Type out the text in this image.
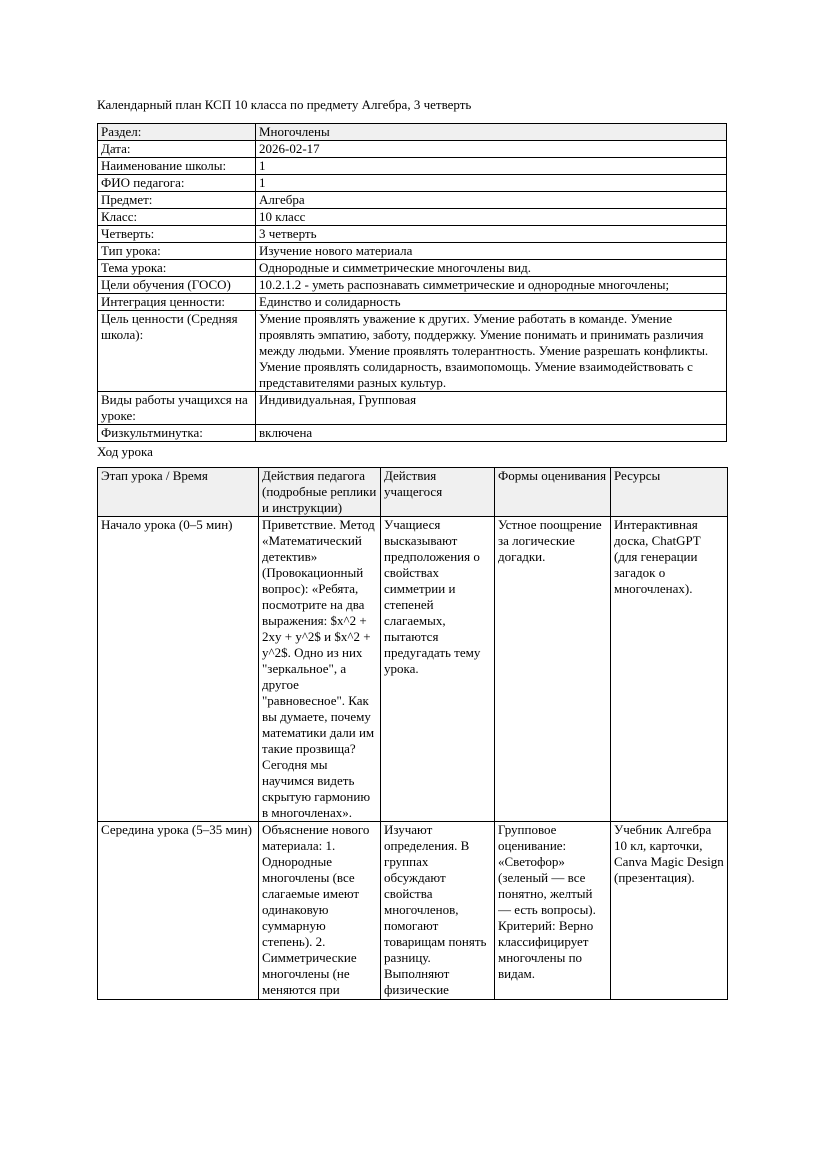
Календарный план КСП 10 класса по предмету Алгебра, 3 четверть
Раздел:	Многочлены
Дата:	2026-02-17
Наименование школы:	1
ФИО педагога:	1
Предмет:	Алгебра
Класс:	10 класс
Четверть:	3 четверть
Тип урока:	Изучение нового материала
Тема урока:	Однородные и симметрические многочлены вид.
Цели обучения (ГОСО)	10.2.1.2 - уметь распознавать симметрические и однородные многочлены;
Интеграция ценности:	Единство и солидарность
Цель ценности (Средняя школа):	Умение проявлять уважение к других. Умение работать в команде. Умение проявлять эмпатию, заботу, поддержку. Умение понимать и принимать различия между людьми. Умение проявлять толерантность. Умение разрешать конфликты. Умение проявлять солидарность, взаимопомощь. Умение взаимодействовать с представителями разных культур.
Виды работы учащихся на уроке:	Индивидуальная, Групповая
Физкультминутка:	включена
Ход урока
Этап урока / Время	Действия педагога (подробные реплики и инструкции)	Действия учащегося	Формы оценивания	Ресурсы
Начало урока (0–5 мин)	Приветствие. Метод «Математический детектив» (Провокационный вопрос): «Ребята, посмотрите на два выражения: $x^2 + 2xy + y^2$ и $x^2 + y^2$. Одно из них "зеркальное", а другое "равновесное". Как вы думаете, почему математики дали им такие прозвища? Сегодня мы научимся видеть скрытую гармонию в многочленах».	Учащиеся высказывают предположения о свойствах симметрии и степеней слагаемых, пытаются предугадать тему урока.	Устное поощрение за логические догадки.	Интерактивная доска, ChatGPT (для генерации загадок о многочленах).

Середина урока (5–35 мин)	Объяснение нового материала: 1. Однородные многочлены (все слагаемые имеют одинаковую суммарную степень). 2. Симметрические многочлены (не меняются при	Изучают определения. В группах обсуждают свойства многочленов, помогают товарищам понять разницу. Выполняют физические	Групповое оценивание: «Светофор» (зеленый — все понятно, желтый — есть вопросы). Критерий: Верно классифицирует многочлены по видам.	Учебник Алгебра 10 кл, карточки, Canva Magic Design (презентация).
